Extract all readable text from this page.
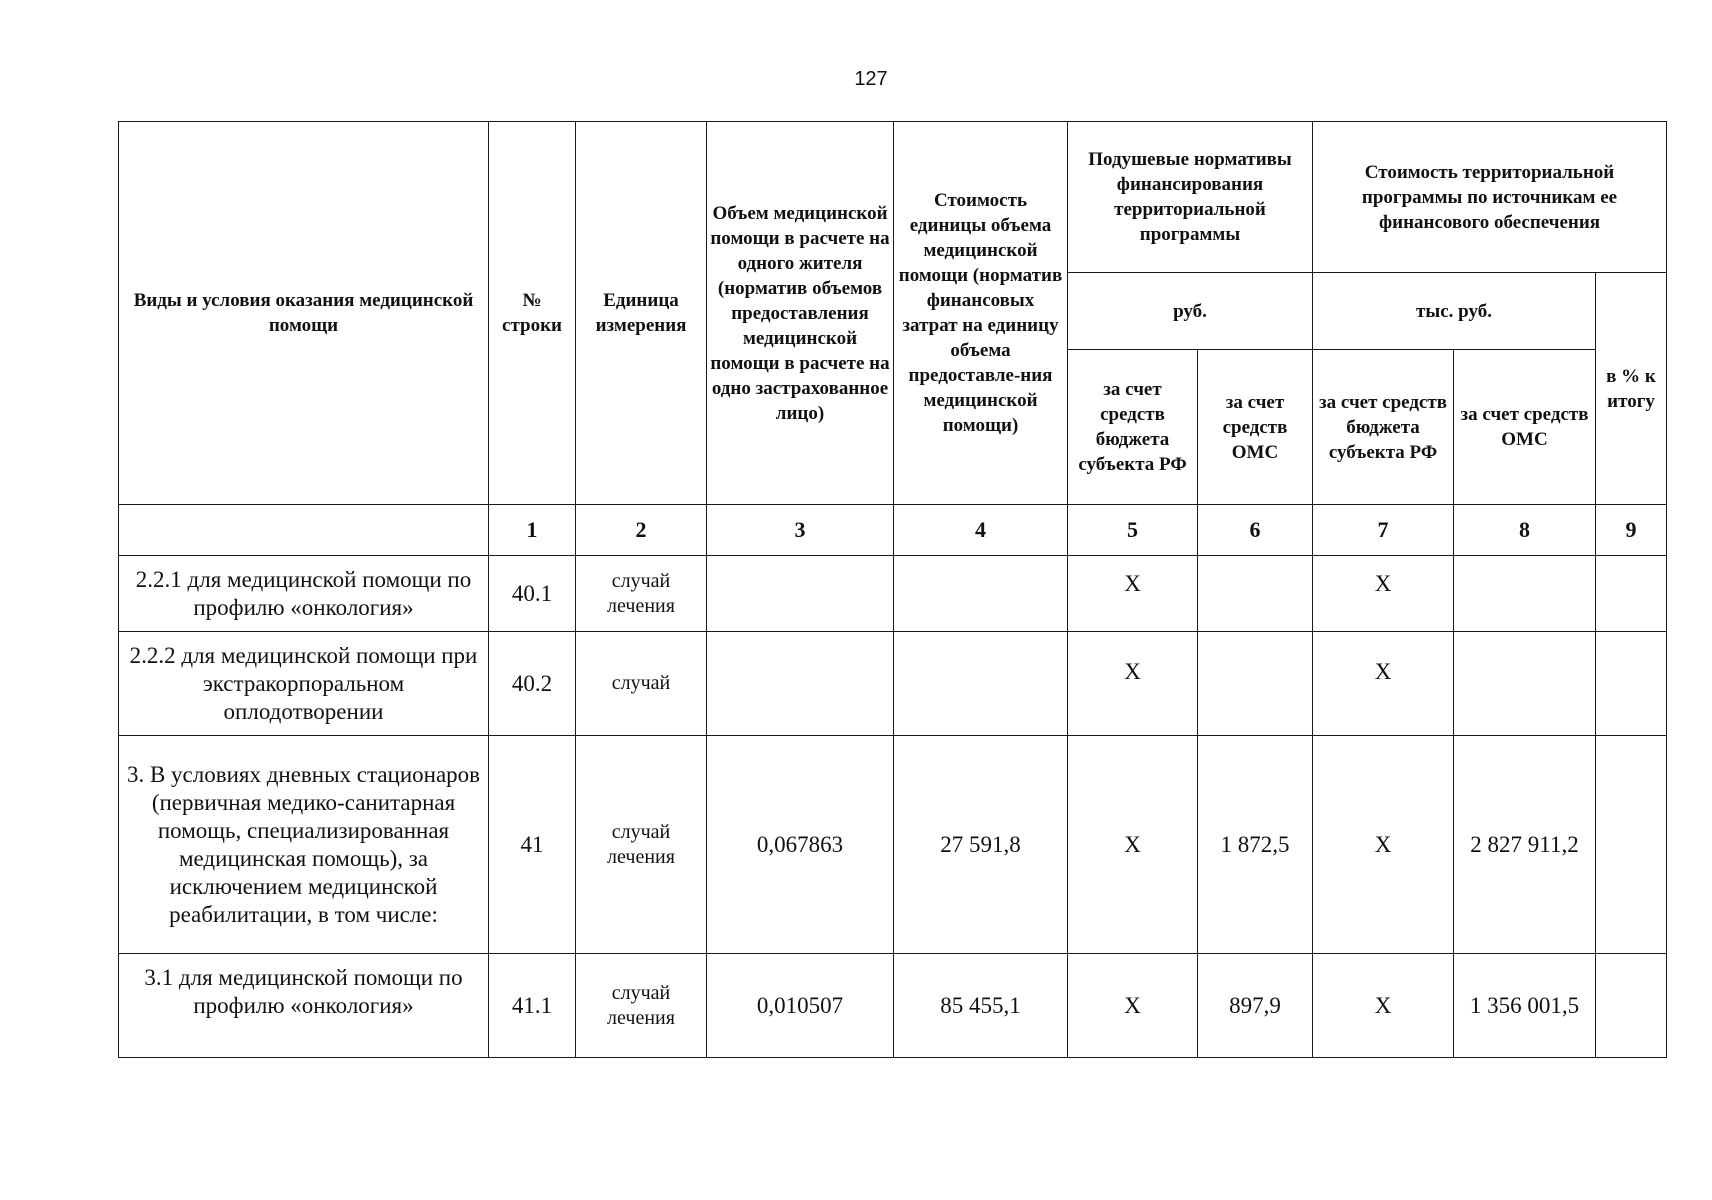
127
Виды и условия оказания медицинской помощи	№ строки	Единица измерения	Объем медицинской помощи в расчете на одного жителя (норматив объемов предоставления медицинской помощи в расчете на одно застрахованное лицо)	Стоимость единицы объема медицинской помощи (норматив финансовых затрат на единицу объема предоставле-ния медицинской помощи)	Подушевые нормативы финансирования территориальной программы		Стоимость территориальной программы по источникам ее финансового обеспечения		
					руб.		тыс. руб.		в % к итогу
					за счет средств бюджета субъекта РФ	за счет средств ОМС	за счет средств бюджета субъекта РФ	за счет средств ОМС	
	1	2	3	4	5	6	7	8	9
2.2.1 для медицинской помощи по профилю «онкология»	40.1	случай лечения			Х		Х		
2.2.2 для медицинской помощи при экстракорпоральном оплодотворении	40.2	случай			Х		Х		
3. В условиях дневных стационаров (первичная медико-санитарная помощь, специализированная медицинская помощь), за исключением медицинской реабилитации, в том числе:	41	случай лечения	0,067863	27 591,8	Х	1 872,5	Х	2 827 911,2	
3.1 для медицинской помощи по профилю «онкология»	41.1	случай лечения	0,010507	85 455,1	Х	897,9	Х	1 356 001,5	
